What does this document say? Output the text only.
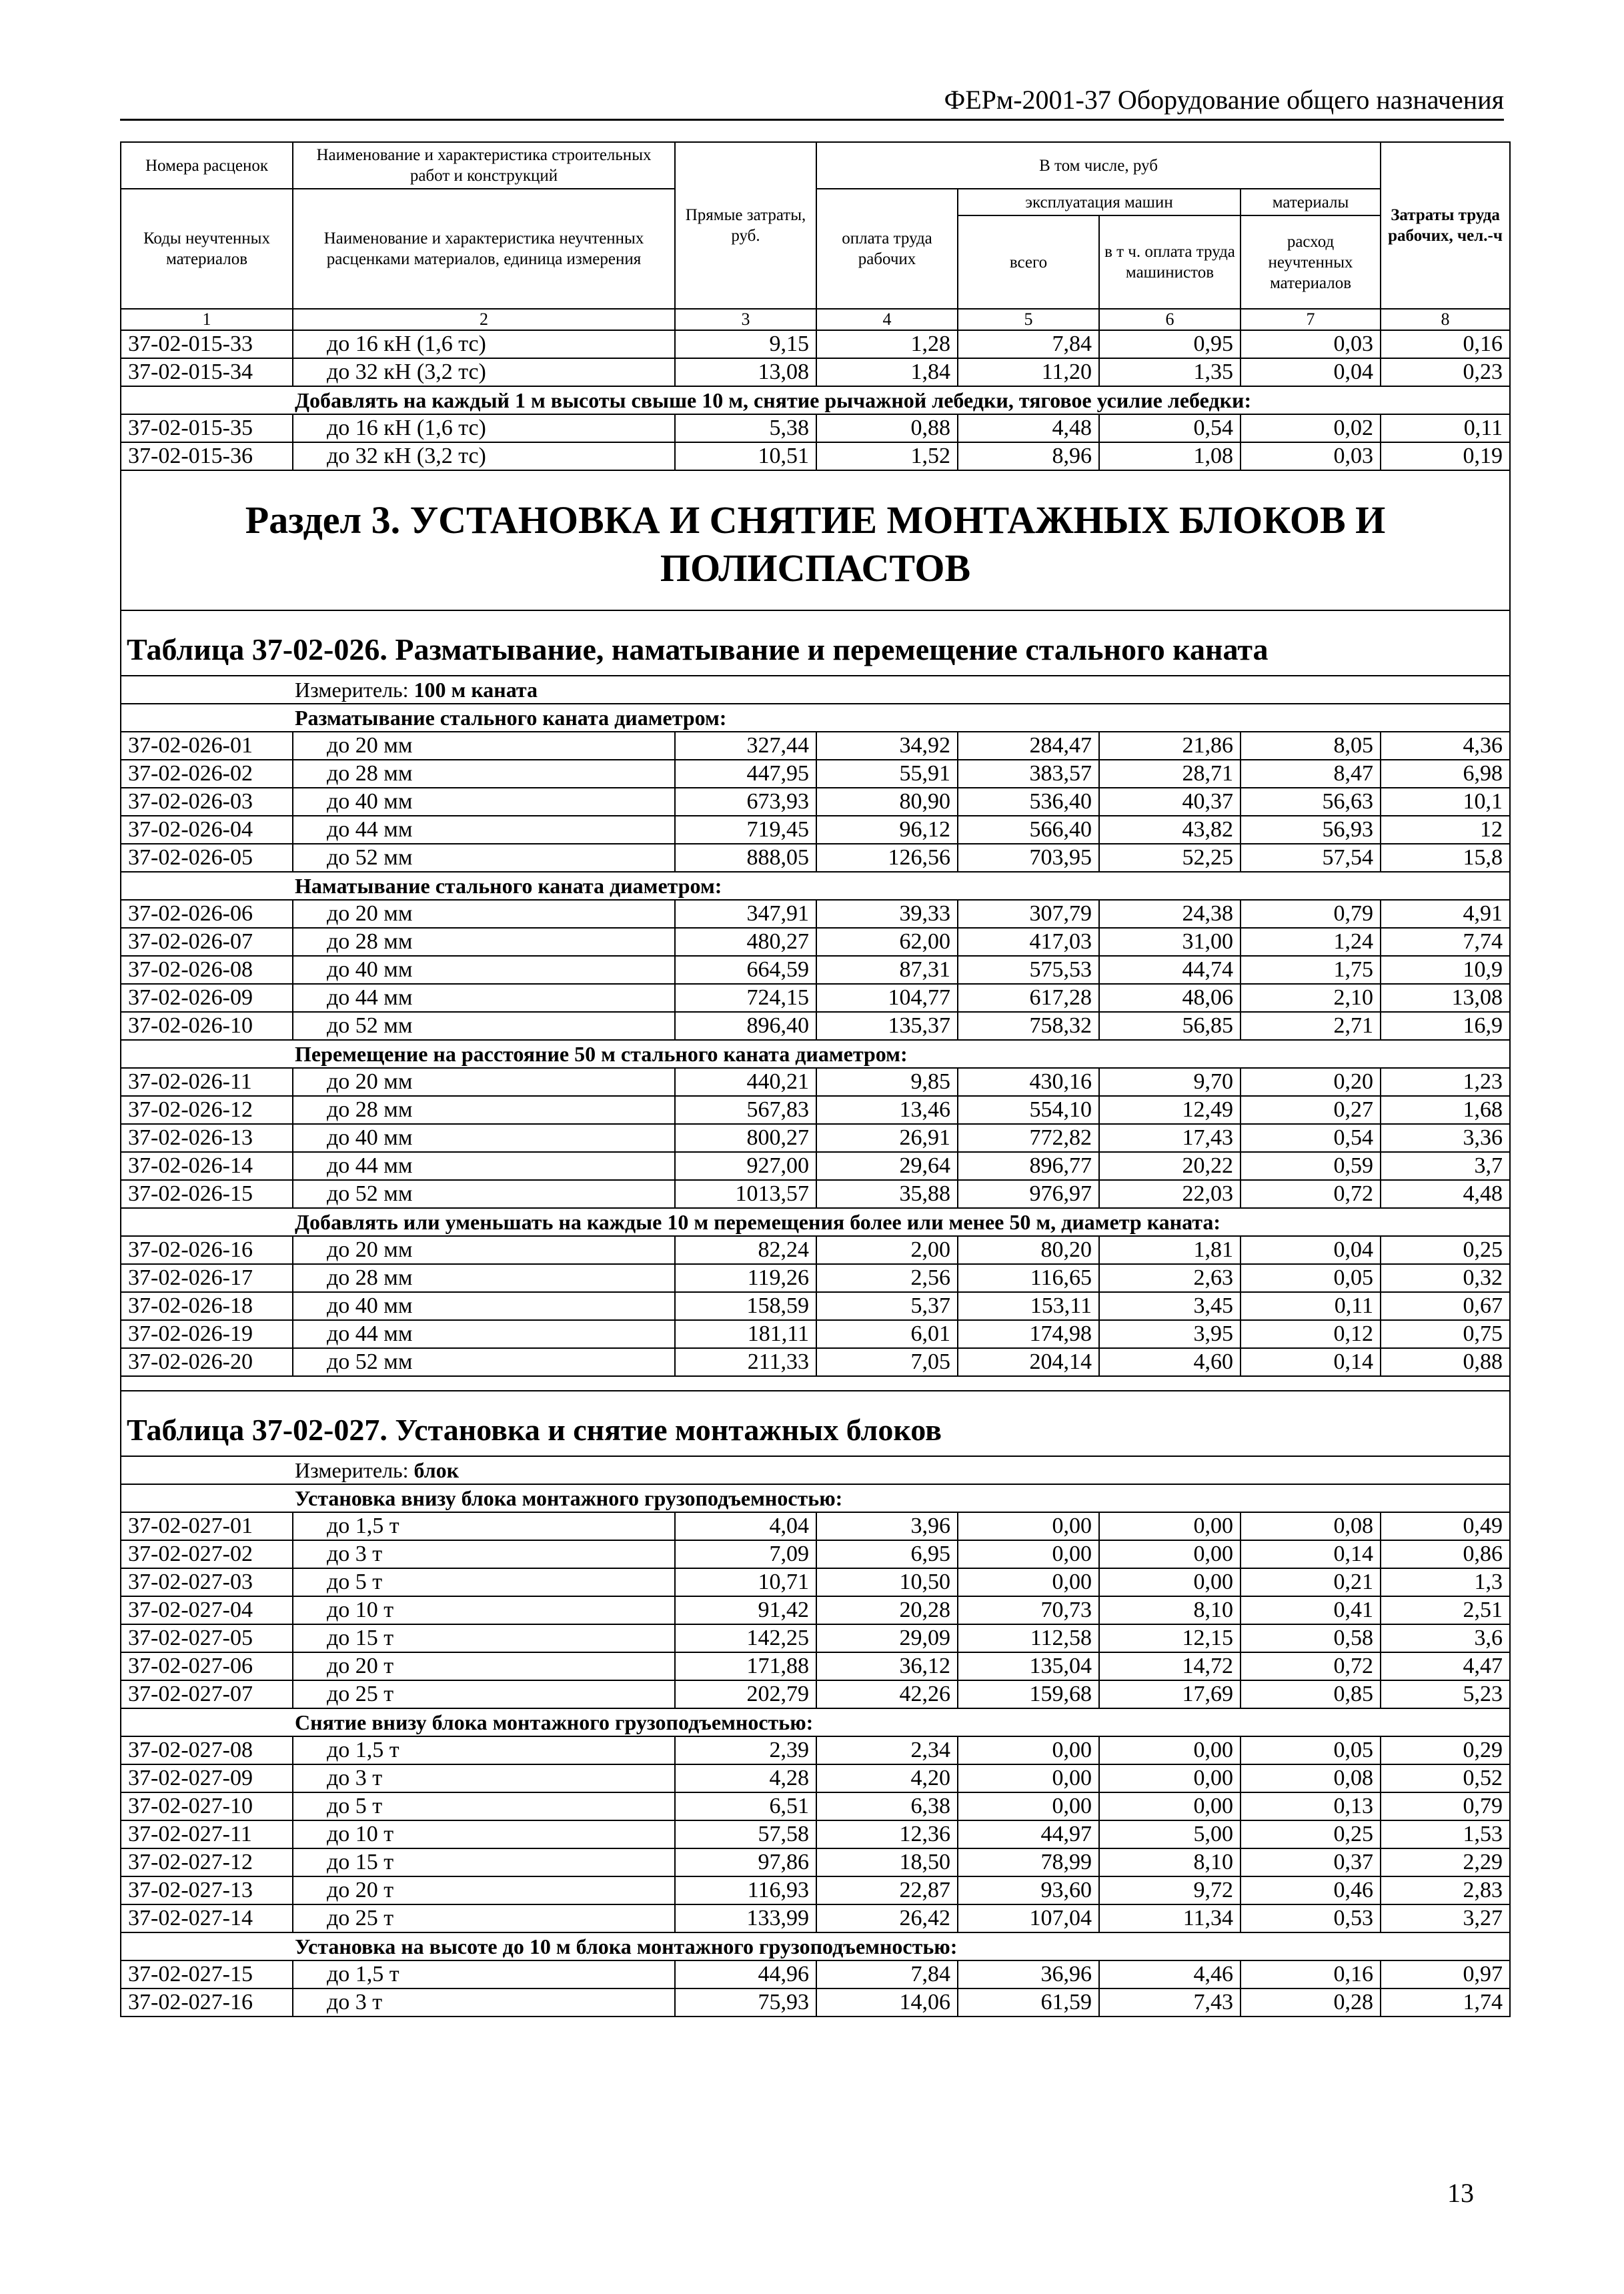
ФЕРм-2001-37 Оборудование общего назначения
Номера расценок	Наименование и характеристика строительных работ и конструкций	Прямые затраты, руб.	В том числе, руб				Затраты труда рабочих, чел.-ч
Коды неучтенных материалов	Наименование и характеристика неучтенных расценками материалов, единица измерения		оплата труда рабочих	эксплуатация машин		материалы	
				всего	в т ч. оплата труда машинистов	расход неучтенных материалов	
1	2	3	4	5	6	7	8
37-02-015-33	до 16 кН (1,6 тс)	9,15	1,28	7,84	0,95	0,03	0,16
37-02-015-34	до 32 кН (3,2 тс)	13,08	1,84	11,20	1,35	0,04	0,23
Добавлять на каждый 1 м высоты свыше 10 м, снятие рычажной лебедки, тяговое усилие лебедки:							
37-02-015-35	до 16 кН (1,6 тс)	5,38	0,88	4,48	0,54	0,02	0,11
37-02-015-36	до 32 кН (3,2 тс)	10,51	1,52	8,96	1,08	0,03	0,19
Раздел 3. УСТАНОВКА И СНЯТИЕ МОНТАЖНЫХ БЛОКОВ И ПОЛИСПАСТОВ							
Таблица 37-02-026. Разматывание, наматывание и перемещение стального каната							
Измеритель: 100 м каната							
Разматывание стального каната диаметром:							
37-02-026-01	до 20 мм	327,44	34,92	284,47	21,86	8,05	4,36
37-02-026-02	до 28 мм	447,95	55,91	383,57	28,71	8,47	6,98
37-02-026-03	до 40 мм	673,93	80,90	536,40	40,37	56,63	10,1
37-02-026-04	до 44 мм	719,45	96,12	566,40	43,82	56,93	12
37-02-026-05	до 52 мм	888,05	126,56	703,95	52,25	57,54	15,8
Наматывание стального каната диаметром:							
37-02-026-06	до 20 мм	347,91	39,33	307,79	24,38	0,79	4,91
37-02-026-07	до 28 мм	480,27	62,00	417,03	31,00	1,24	7,74
37-02-026-08	до 40 мм	664,59	87,31	575,53	44,74	1,75	10,9
37-02-026-09	до 44 мм	724,15	104,77	617,28	48,06	2,10	13,08
37-02-026-10	до 52 мм	896,40	135,37	758,32	56,85	2,71	16,9
Перемещение на расстояние 50 м стального каната диаметром:							
37-02-026-11	до 20 мм	440,21	9,85	430,16	9,70	0,20	1,23
37-02-026-12	до 28 мм	567,83	13,46	554,10	12,49	0,27	1,68
37-02-026-13	до 40 мм	800,27	26,91	772,82	17,43	0,54	3,36
37-02-026-14	до 44 мм	927,00	29,64	896,77	20,22	0,59	3,7
37-02-026-15	до 52 мм	1013,57	35,88	976,97	22,03	0,72	4,48
Добавлять или уменьшать на каждые 10 м перемещения более или менее 50 м, диаметр каната:							
37-02-026-16	до 20 мм	82,24	2,00	80,20	1,81	0,04	0,25
37-02-026-17	до 28 мм	119,26	2,56	116,65	2,63	0,05	0,32
37-02-026-18	до 40 мм	158,59	5,37	153,11	3,45	0,11	0,67
37-02-026-19	до 44 мм	181,11	6,01	174,98	3,95	0,12	0,75
37-02-026-20	до 52 мм	211,33	7,05	204,14	4,60	0,14	0,88

Таблица 37-02-027. Установка и снятие монтажных блоков							
Измеритель: блок							
Установка внизу блока монтажного грузоподъемностью:							
37-02-027-01	до 1,5 т	4,04	3,96	0,00	0,00	0,08	0,49
37-02-027-02	до 3 т	7,09	6,95	0,00	0,00	0,14	0,86
37-02-027-03	до 5 т	10,71	10,50	0,00	0,00	0,21	1,3
37-02-027-04	до 10 т	91,42	20,28	70,73	8,10	0,41	2,51
37-02-027-05	до 15 т	142,25	29,09	112,58	12,15	0,58	3,6
37-02-027-06	до 20 т	171,88	36,12	135,04	14,72	0,72	4,47
37-02-027-07	до 25 т	202,79	42,26	159,68	17,69	0,85	5,23
Снятие внизу блока монтажного грузоподъемностью:							
37-02-027-08	до 1,5 т	2,39	2,34	0,00	0,00	0,05	0,29
37-02-027-09	до 3 т	4,28	4,20	0,00	0,00	0,08	0,52
37-02-027-10	до 5 т	6,51	6,38	0,00	0,00	0,13	0,79
37-02-027-11	до 10 т	57,58	12,36	44,97	5,00	0,25	1,53
37-02-027-12	до 15 т	97,86	18,50	78,99	8,10	0,37	2,29
37-02-027-13	до 20 т	116,93	22,87	93,60	9,72	0,46	2,83
37-02-027-14	до 25 т	133,99	26,42	107,04	11,34	0,53	3,27
Установка на высоте до 10 м блока монтажного грузоподъемностью:							
37-02-027-15	до 1,5 т	44,96	7,84	36,96	4,46	0,16	0,97
37-02-027-16	до 3 т	75,93	14,06	61,59	7,43	0,28	1,74
13
